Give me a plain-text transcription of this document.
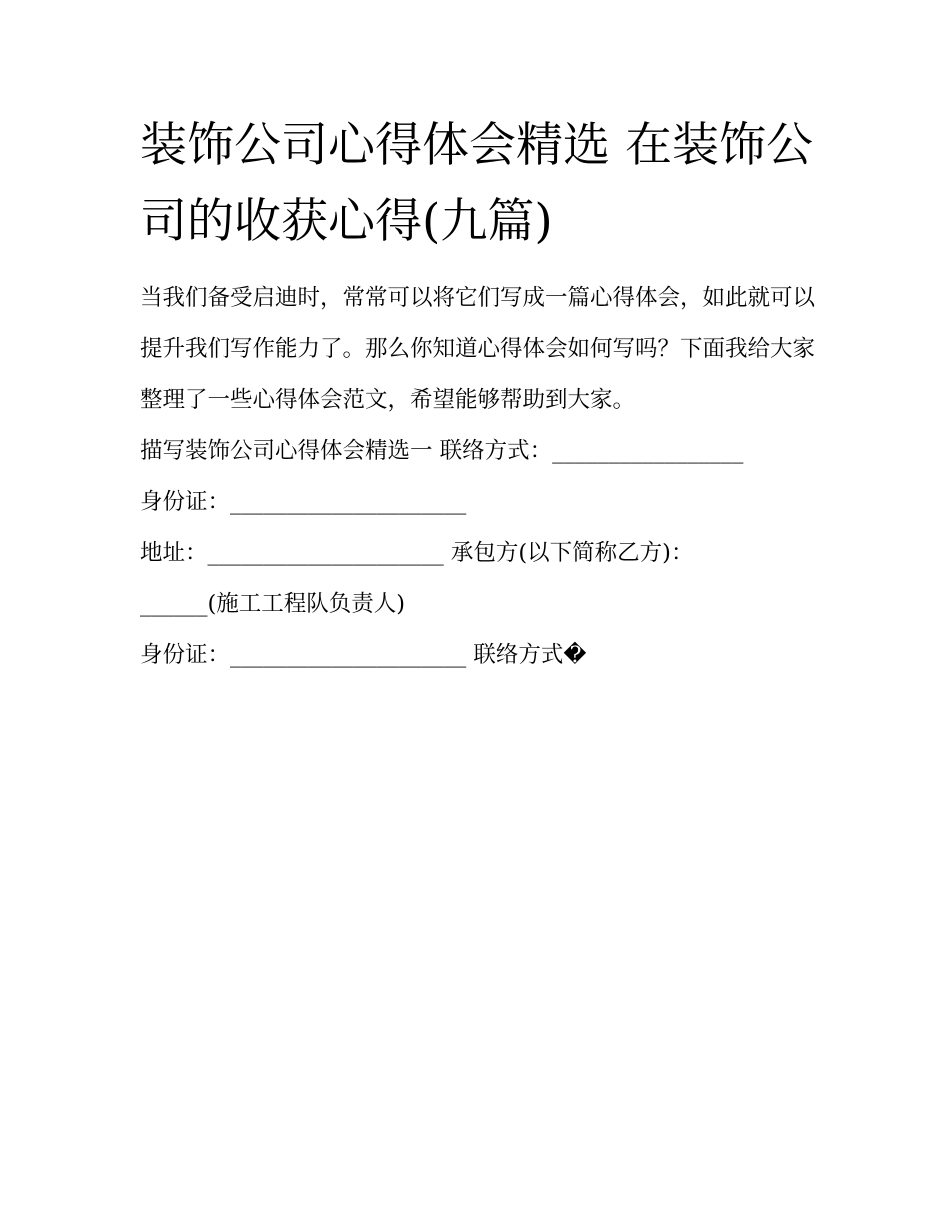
装饰公司心得体会精选 在装饰公司的收获心得(九篇)

当我们备受启迪时，常常可以将它们写成一篇心得体会，如此就可以提升我们写作能力了。那么你知道心得体会如何写吗？下面我给大家整理了一些心得体会范文，希望能够帮助到大家。

描写装饰公司心得体会精选一 联络方式：_________________

身份证：_____________________

地址：_____________________ 承包方(以下简称乙方)：

______(施工工程队负责人)

身份证：_____________________ 联络方式�
